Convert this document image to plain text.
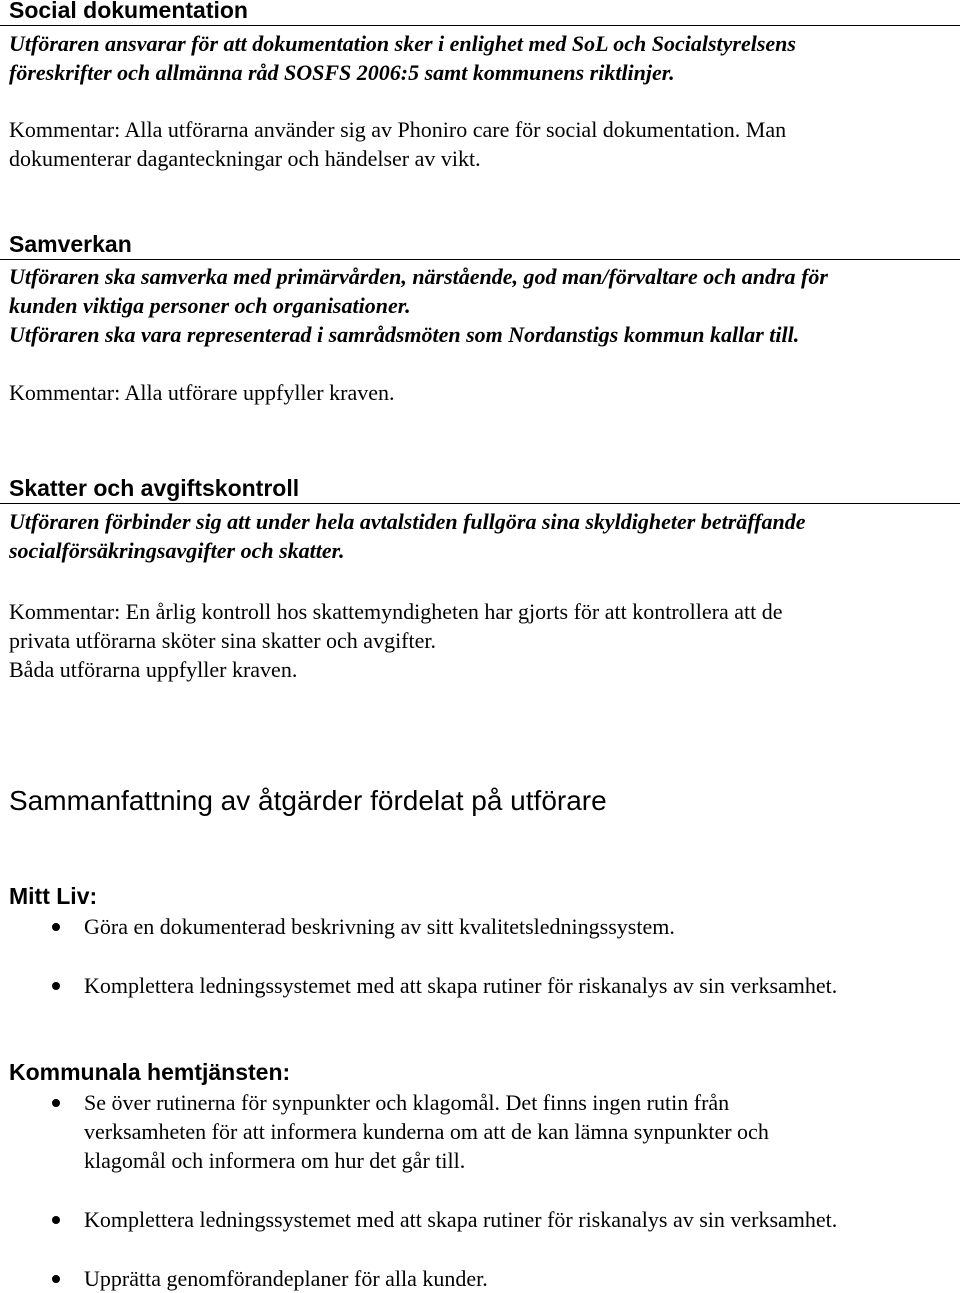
Social dokumentation
Utföraren ansvarar för att dokumentation sker i enlighet med SoL och Socialstyrelsens
föreskrifter och allmänna råd SOSFS 2006:5 samt kommunens riktlinjer.
Kommentar: Alla utförarna använder sig av Phoniro care för social dokumentation. Man
dokumenterar daganteckningar och händelser av vikt.
Samverkan
Utföraren ska samverka med primärvården, närstående, god man/förvaltare och andra för
kunden viktiga personer och organisationer.
Utföraren ska vara representerad i samrådsmöten som Nordanstigs kommun kallar till.
Kommentar: Alla utförare uppfyller kraven.
Skatter och avgiftskontroll
Utföraren förbinder sig att under hela avtalstiden fullgöra sina skyldigheter beträffande
socialförsäkringsavgifter och skatter.
Kommentar: En årlig kontroll hos skattemyndigheten har gjorts för att kontrollera att de
privata utförarna sköter sina skatter och avgifter.
Båda utförarna uppfyller kraven.
Sammanfattning av åtgärder fördelat på utförare
Mitt Liv:
Göra en dokumenterad beskrivning av sitt kvalitetsledningssystem.
Komplettera ledningssystemet med att skapa rutiner för riskanalys av sin verksamhet.
Kommunala hemtjänsten:
Se över rutinerna för synpunkter och klagomål. Det finns ingen rutin från
verksamheten för att informera kunderna om att de kan lämna synpunkter och
klagomål och informera om hur det går till.
Komplettera ledningssystemet med att skapa rutiner för riskanalys av sin verksamhet.
Upprätta genomförandeplaner för alla kunder.
